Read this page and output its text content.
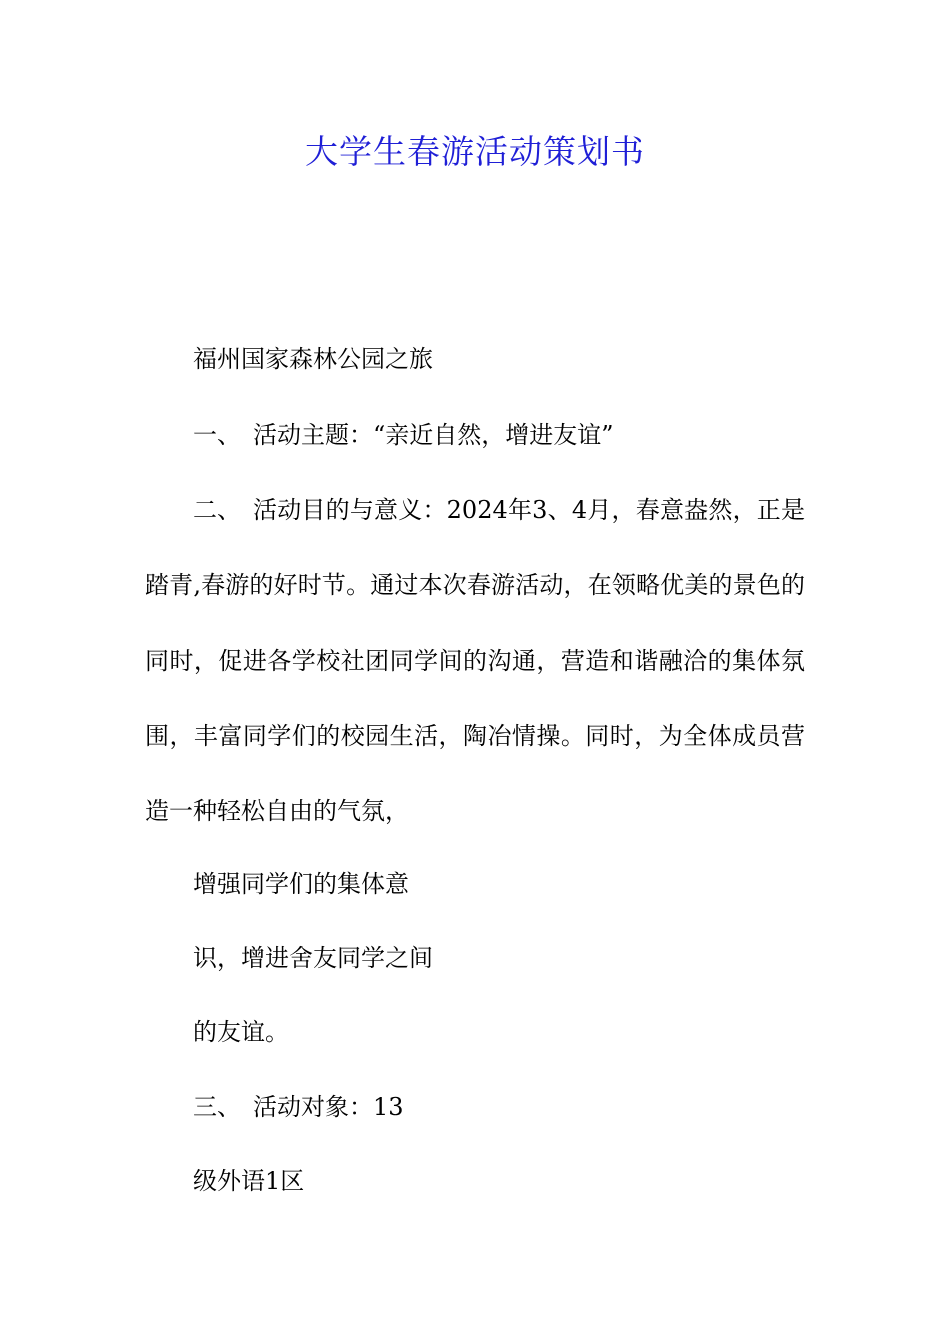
大学生春游活动策划书
福州国家森林公园之旅
一、 活动主题：“亲近自然，增进友谊”
二、 活动目的与意义：2024年3、4月，春意盎然，正是
踏青,春游的好时节。通过本次春游活动，在领略优美的景色的
同时，促进各学校社团同学间的沟通，营造和谐融洽的集体氛
围，丰富同学们的校园生活，陶冶情操。同时，为全体成员营
造一种轻松自由的气氛，
增强同学们的集体意
识，增进舍友同学之间
的友谊。
三、 活动对象：13
级外语1区
